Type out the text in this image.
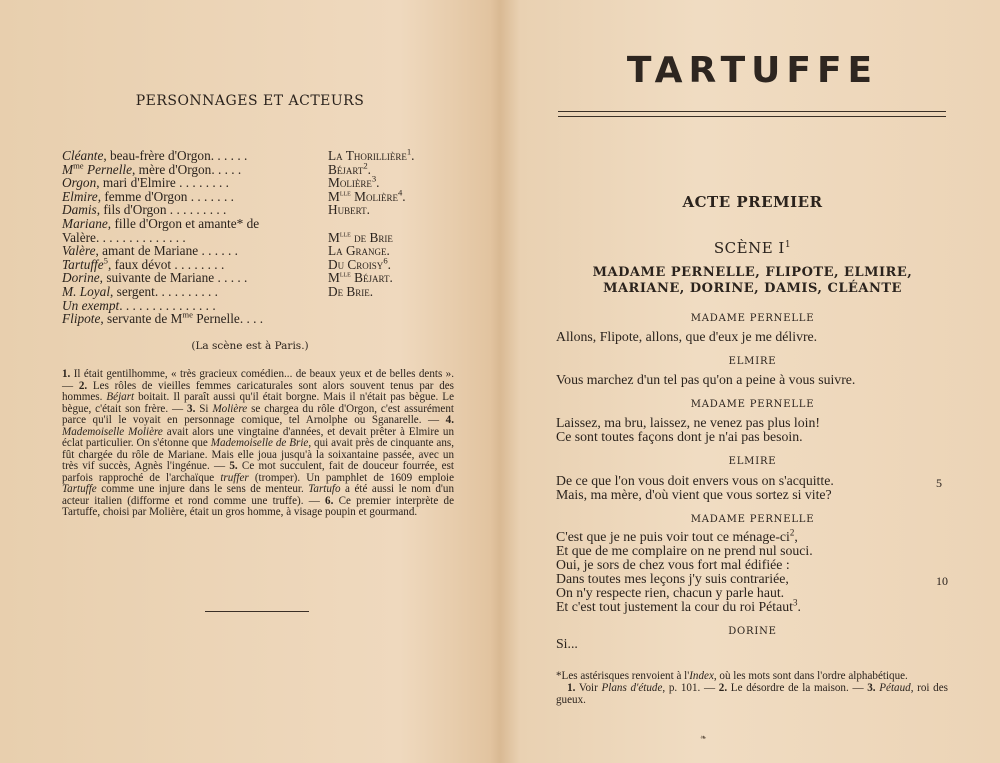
PERSONNAGES ET ACTEURS
Cléante, beau-frère d'Orgon. . . . . .	La Thorillière$^1$.
$M^{me}$ Pernelle, mère d'Orgon. . . . .	Béjart$^2$.
Orgon, mari d'Elmire . . . . . . . .	Molière$^3$.
Elmire, femme d'Orgon . . . . . . .	$M^{lle}$ Molière$^4$.
Damis, fils d'Orgon . . . . . . . . .	Hubert.
Mariane, fille d'Orgon et amante* de
Valère. . . . . . . . . . . . . .	$M^{lle}$ de Brie
Valère, amant de Mariane . . . . . .	La Grange.
Tartuffe$^5$, faux dévot . . . . . . . .	Du Croisy$^6$.
Dorine, suivante de Mariane . . . . .	$M^{lle}$ Béjart.
M. Loyal, sergent. . . . . . . . . .	De Brie.
Un exempt. . . . . . . . . . . . . . .
Flipote, servante de $M^{me}$ Pernelle. . . .
(La scène est à Paris.)
1. Il était gentilhomme, « très gracieux comédien... de beaux yeux et de belles dents ». — 2. Les rôles de vieilles femmes caricaturales sont alors souvent tenus par des hommes. Béjart boitait. Il paraît aussi qu'il était borgne. Mais il n'était pas bègue. Le bègue, c'était son frère. — 3. Si Molière se chargea du rôle d'Orgon, c'est assurément parce qu'il le voyait en personnage comique, tel Arnolphe ou Sganarelle. — 4. Mademoiselle Molière avait alors une vingtaine d'années, et devait prêter à Elmire un éclat particulier. On s'étonne que Mademoiselle de Brie, qui avait près de cinquante ans, fût chargée du rôle de Mariane. Mais elle joua jusqu'à la soixantaine passée, avec un très vif succès, Agnès l'ingénue. — 5. Ce mot succulent, fait de douceur fourrée, est parfois rapproché de l'archaïque truffer (tromper). Un pamphlet de 1609 emploie Tartuffe comme une injure dans le sens de menteur. Tartufo a été aussi le nom d'un acteur italien (difforme et rond comme une truffe). — 6. Ce premier interprète de Tartuffe, choisi par Molière, était un gros homme, à visage poupin et gourmand.
TARTUFFE
ACTE PREMIER
SCÈNE $I^1$
MADAME PERNELLE, FLIPOTE, ELMIRE,
MARIANE, DORINE, DAMIS, CLÉANTE
MADAME PERNELLE
Allons, Flipote, allons, que d'eux je me délivre.
ELMIRE
Vous marchez d'un tel pas qu'on a peine à vous suivre.
MADAME PERNELLE
Laissez, ma bru, laissez, ne venez pas plus loin!
Ce sont toutes façons dont je n'ai pas besoin.
ELMIRE
De ce que l'on vous doit envers vous on s'acquitte.	5
Mais, ma mère, d'où vient que vous sortez si vite?
MADAME PERNELLE
C'est que je ne puis voir tout ce ménage-$ci^2$,
Et que de me complaire on ne prend nul souci.
Oui, je sors de chez vous fort mal édifiée :
Dans toutes mes leçons j'y suis contrariée,	10
On n'y respecte rien, chacun y parle haut.
Et c'est tout justement la cour du roi Pétaut$^3$.
DORINE
Si...
*Les astérisques renvoient à l'Index, où les mots sont dans l'ordre alphabétique.
1. Voir Plans d'étude, p. 101. — 2. Le désordre de la maison. — 3. Pétaud, roi des gueux.
❧
